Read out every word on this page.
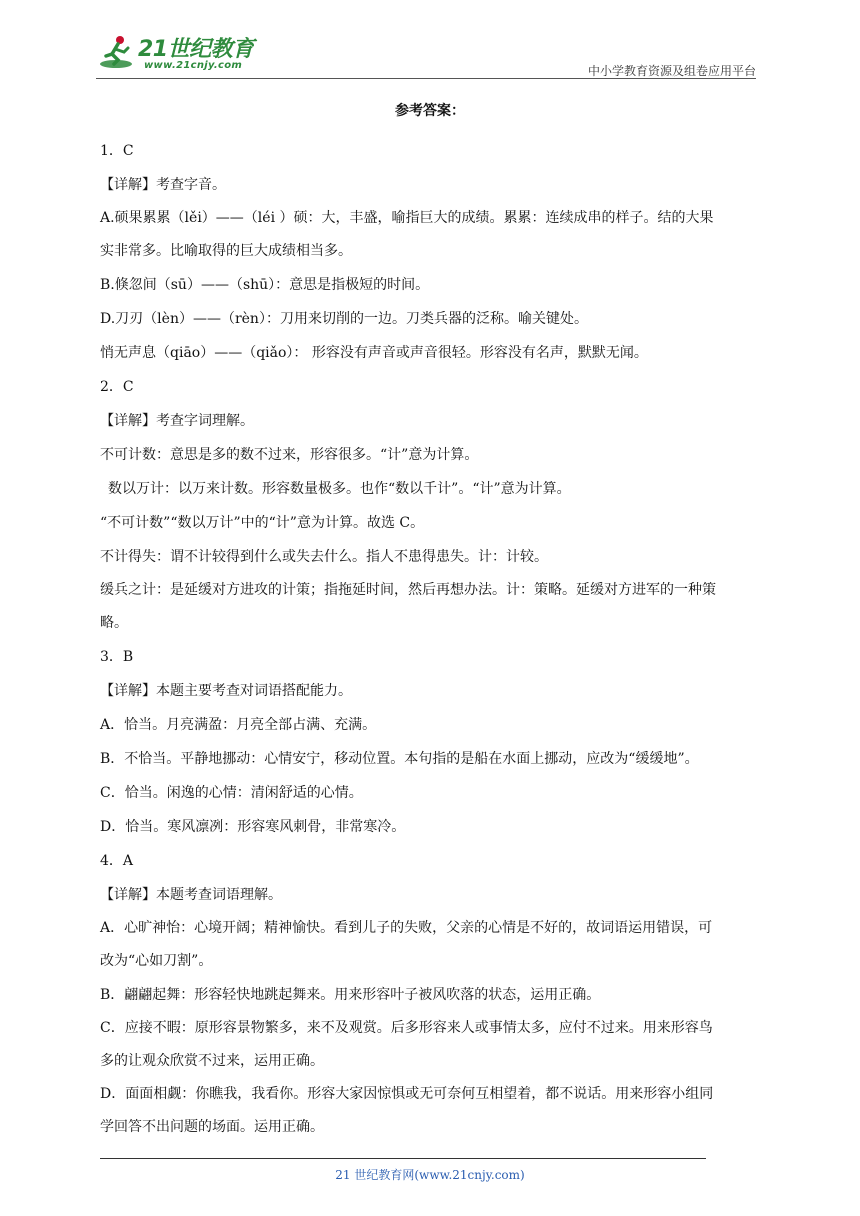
21世纪教育
www.21cnjy.com	中小学教育资源及组卷应用平台

参考答案：

1．C

【详解】考查字音。

A.硕果累累（lěi）——（léi ）硕：大，丰盛，喻指巨大的成绩。累累：连续成串的样子。结的大果

实非常多。比喻取得的巨大成绩相当多。

B.倏忽间（sū）——（shū）：意思是指极短的时间。

D.刀刃（lèn）——（rèn）：刀用来切削的一边。刀类兵器的泛称。喻关键处。

悄无声息（qiāo）——（qiǎo）： 形容没有声音或声音很轻。形容没有名声，默默无闻。

2．C

【详解】考查字词理解。

不可计数：意思是多的数不过来，形容很多。“计”意为计算。

数以万计：以万来计数。形容数量极多。也作“数以千计”。“计”意为计算。

“不可计数”“数以万计”中的“计”意为计算。故选 C。

不计得失：谓不计较得到什么或失去什么。指人不患得患失。计：计较。

缓兵之计：是延缓对方进攻的计策；指拖延时间，然后再想办法。计：策略。延缓对方进军的一种策

略。

3．B

【详解】本题主要考查对词语搭配能力。

A．恰当。月亮满盈：月亮全部占满、充满。

B．不恰当。平静地挪动：心情安宁，移动位置。本句指的是船在水面上挪动，应改为“缓缓地”。

C．恰当。闲逸的心情：清闲舒适的心情。

D．恰当。寒风凛冽：形容寒风刺骨，非常寒冷。

4．A

【详解】本题考查词语理解。

A．心旷神怡：心境开阔；精神愉快。看到儿子的失败，父亲的心情是不好的，故词语运用错误，可

改为“心如刀割”。

B．翩翩起舞：形容轻快地跳起舞来。用来形容叶子被风吹落的状态，运用正确。

C．应接不暇：原形容景物繁多，来不及观赏。后多形容来人或事情太多，应付不过来。用来形容鸟

多的让观众欣赏不过来，运用正确。

D．面面相觑：你瞧我，我看你。形容大家因惊惧或无可奈何互相望着，都不说话。用来形容小组同

学回答不出问题的场面。运用正确。

21 世纪教育网(www.21cnjy.com)
